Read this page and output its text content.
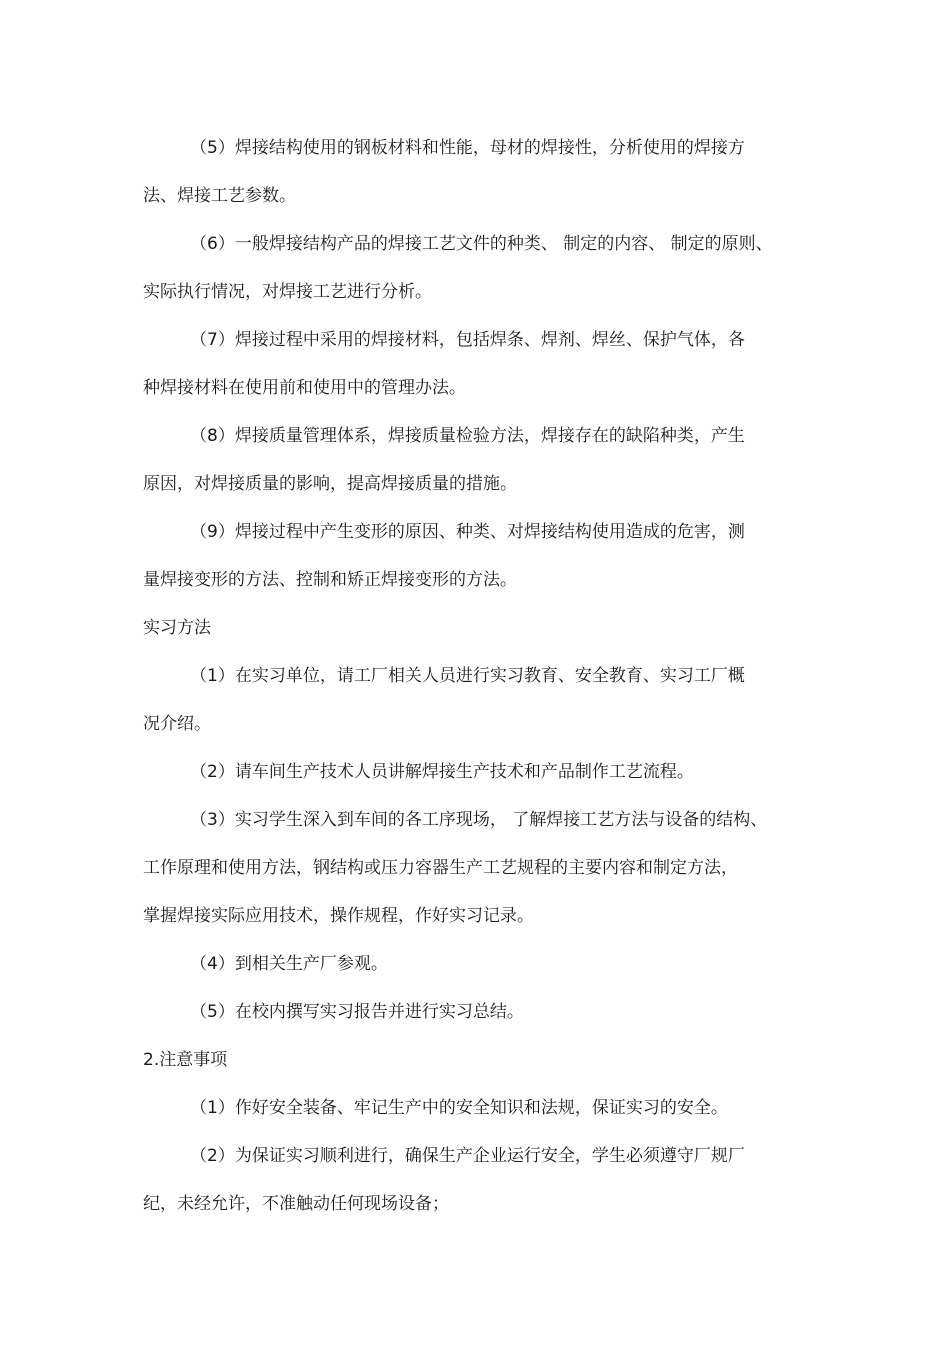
（5）焊接结构使用的钢板材料和性能，母材的焊接性，分析使用的焊接方
法、焊接工艺参数。
（6）一般焊接结构产品的焊接工艺文件的种类、 制定的内容、 制定的原则、
实际执行情况，对焊接工艺进行分析。
（7）焊接过程中采用的焊接材料，包括焊条、焊剂、焊丝、保护气体，各
种焊接材料在使用前和使用中的管理办法。
（8）焊接质量管理体系，焊接质量检验方法，焊接存在的缺陷种类，产生
原因，对焊接质量的影响，提高焊接质量的措施。
（9）焊接过程中产生变形的原因、种类、对焊接结构使用造成的危害，测
量焊接变形的方法、控制和矫正焊接变形的方法。
实习方法
（1）在实习单位，请工厂相关人员进行实习教育、安全教育、实习工厂概
况介绍。
（2）请车间生产技术人员讲解焊接生产技术和产品制作工艺流程。
（3）实习学生深入到车间的各工序现场， 了解焊接工艺方法与设备的结构、
工作原理和使用方法，钢结构或压力容器生产工艺规程的主要内容和制定方法，
掌握焊接实际应用技术，操作规程，作好实习记录。
（4）到相关生产厂参观。
（5）在校内撰写实习报告并进行实习总结。
2.注意事项
（1）作好安全装备、牢记生产中的安全知识和法规，保证实习的安全。
（2）为保证实习顺利进行，确保生产企业运行安全，学生必须遵守厂规厂
纪，未经允许，不准触动任何现场设备；
